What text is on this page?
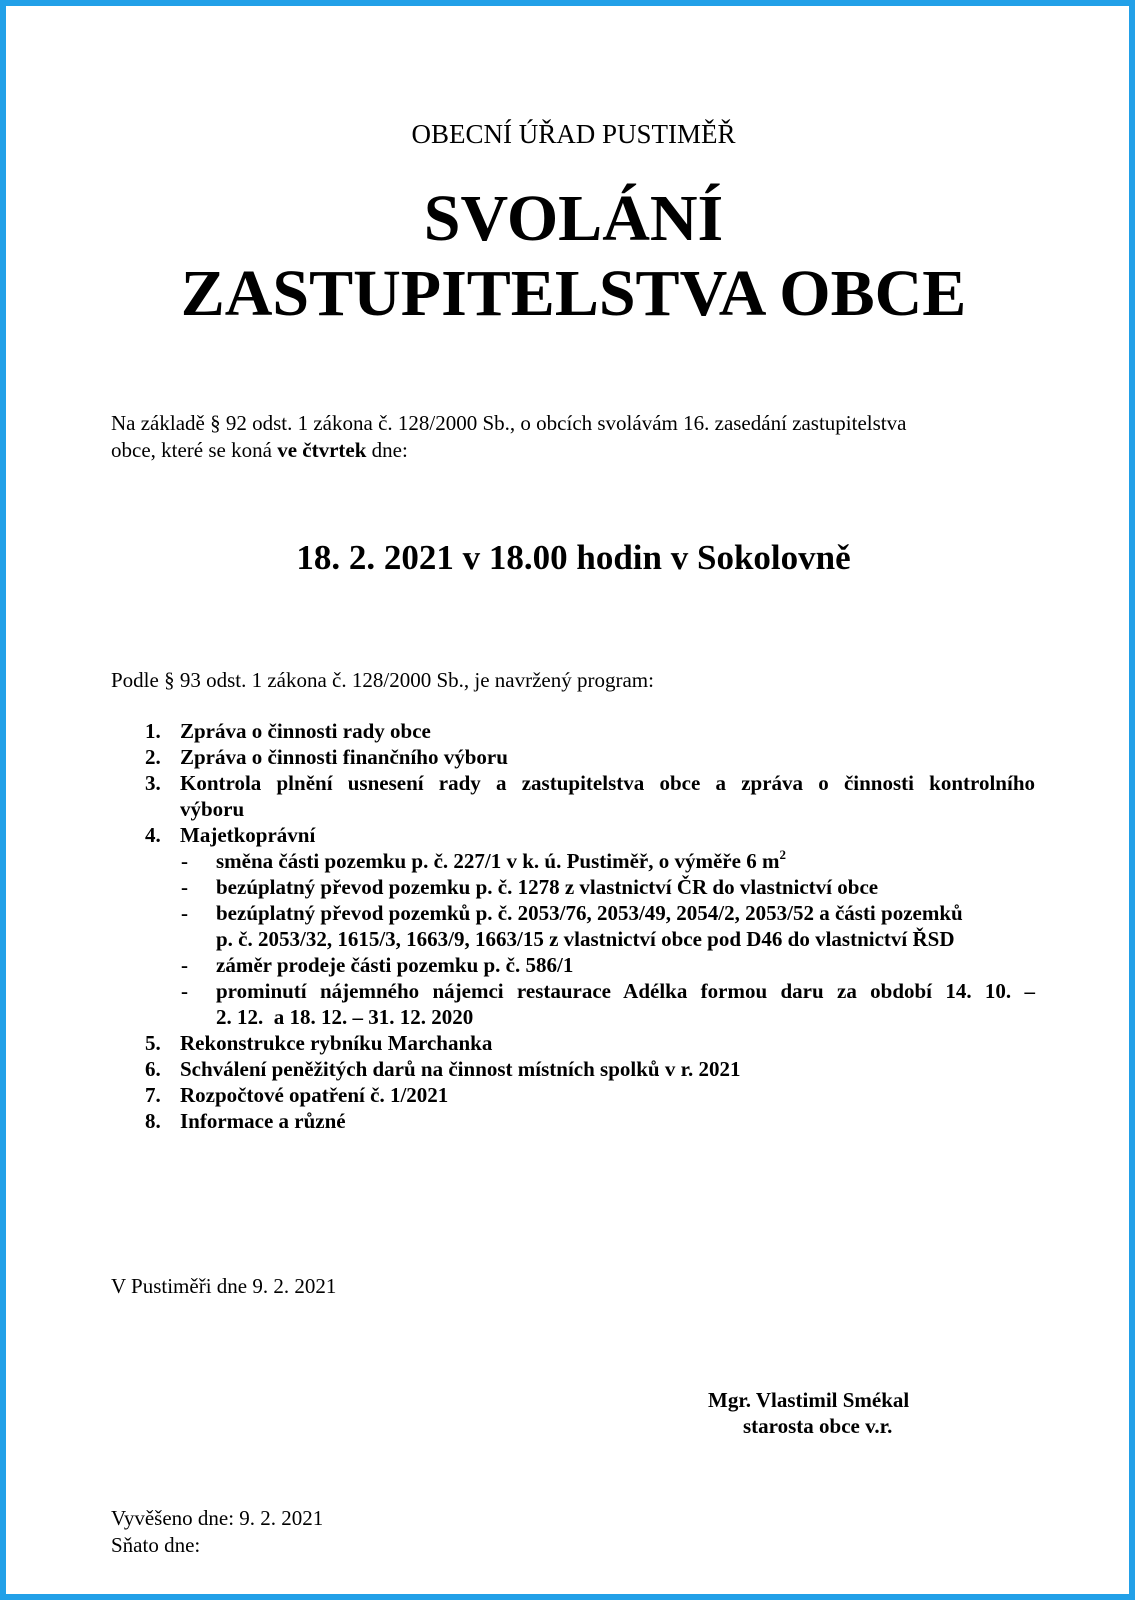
OBECNÍ ÚŘAD PUSTIMĚŘ
SVOLÁNÍ
ZASTUPITELSTVA OBCE
Na základě § 92 odst. 1 zákona č. 128/2000 Sb., o obcích svolávám 16. zasedání zastupitelstva
obce, které se koná ve čtvrtek dne:
18. 2. 2021 v 18.00 hodin v Sokolovně
Podle § 93 odst. 1 zákona č. 128/2000 Sb., je navržený program:
1. Zpráva o činnosti rady obce
2. Zpráva o činnosti finančního výboru
3. Kontrola plnění usnesení rady a zastupitelstva obce a zpráva o činnosti kontrolního
výboru
4. Majetkoprávní
- směna části pozemku p. č. 227/1 v k. ú. Pustiměř, o výměře 6 $m^2$
- bezúplatný převod pozemku p. č. 1278 z vlastnictví ČR do vlastnictví obce
- bezúplatný převod pozemků p. č. 2053/76, 2053/49, 2054/2, 2053/52 a části pozemků
p. č. 2053/32, 1615/3, 1663/9, 1663/15 z vlastnictví obce pod D46 do vlastnictví ŘSD
- záměr prodeje části pozemku p. č. 586/1
- prominutí nájemného nájemci restaurace Adélka formou daru za období 14. 10. –
2. 12.  a 18. 12. – 31. 12. 2020
5. Rekonstrukce rybníku Marchanka
6. Schválení peněžitých darů na činnost místních spolků v r. 2021
7. Rozpočtové opatření č. 1/2021
8. Informace a různé
V Pustiměři dne 9. 2. 2021
Mgr. Vlastimil Smékal
starosta obce v.r.
Vyvěšeno dne: 9. 2. 2021
Sňato dne:
